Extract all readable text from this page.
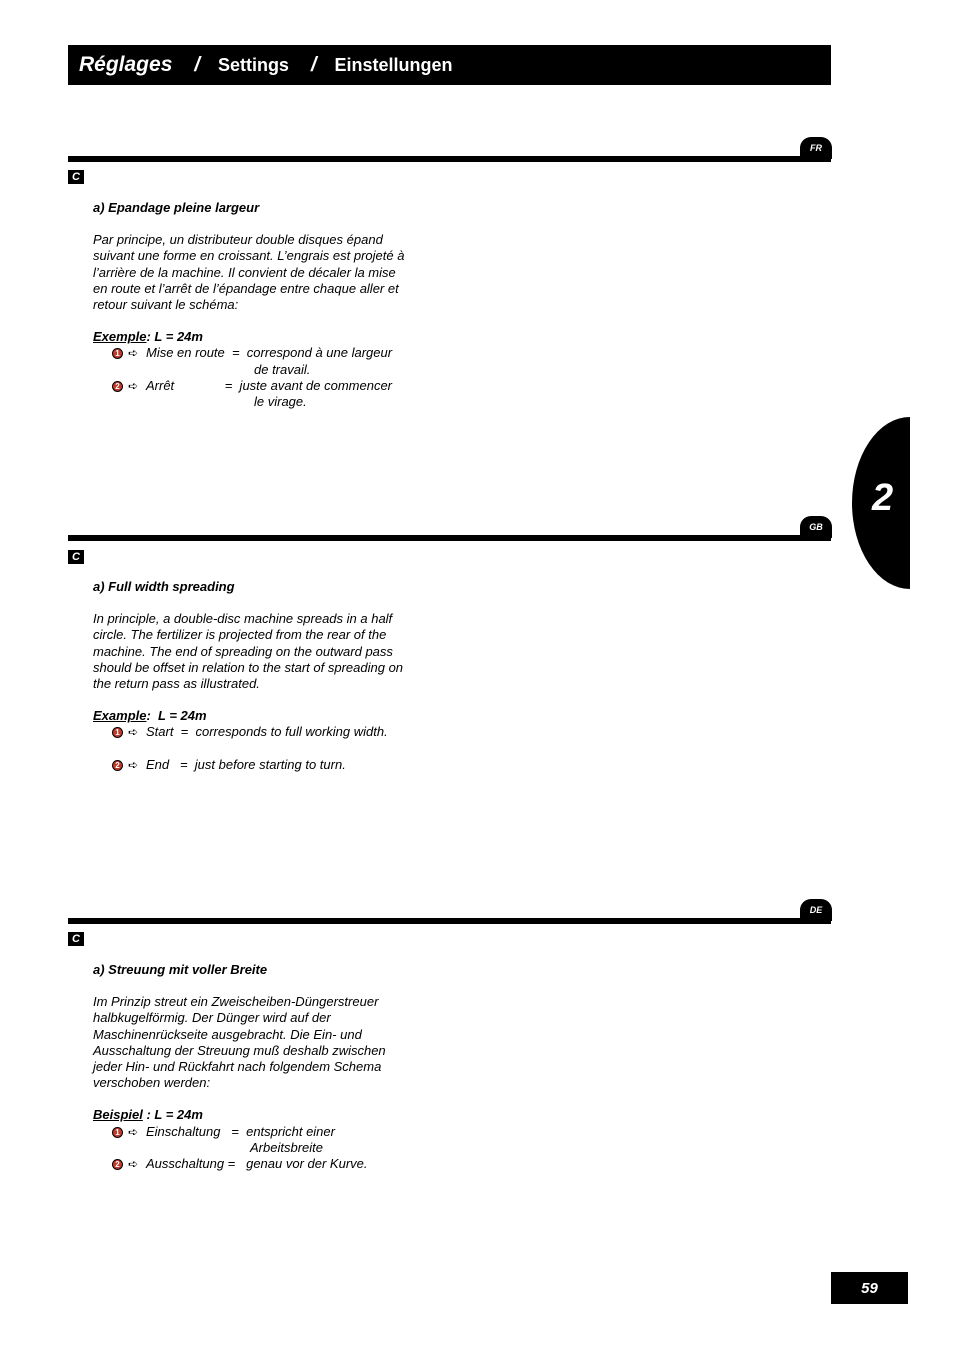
Réglages / Settings / Einstellungen
2
FR
C

a) Epandage pleine largeur

Par principe, un distributeur double disques épand

suivant une forme en croissant. L’engrais est projeté à

l’arrière de la machine. Il convient de décaler la mise

en route et l’arrêt de l’épandage entre chaque aller et

retour suivant le schéma:

Exemple: L = 24m

1 ➪ Mise en route  =  correspond à une largeur
de travail.
2 ➪ Arrêt              =  juste avant de commencer
le virage.
GB
C

a) Full width spreading

In principle, a double-disc machine spreads in a half

circle. The fertilizer is projected from the rear of the

machine. The end of spreading on the outward pass

should be offset in relation to the start of spreading on

the return pass as illustrated.

Example:  L = 24m

1 ➪ Start  =  corresponds to full working width.
2 ➪ End   =  just before starting to turn.
DE
C

a) Streuung mit voller Breite

Im Prinzip streut ein Zweischeiben-Düngerstreuer

halbkugelförmig. Der Dünger wird auf der

Maschinenrückseite ausgebracht. Die Ein- und

Ausschaltung der Streuung muß deshalb zwischen

jeder Hin- und Rückfahrt nach folgendem Schema

verschoben werden:

Beispiel : L = 24m

1 ➪ Einschaltung   =  entspricht einer
Arbeitsbreite
2 ➪ Ausschaltung =   genau vor der Kurve.
59
